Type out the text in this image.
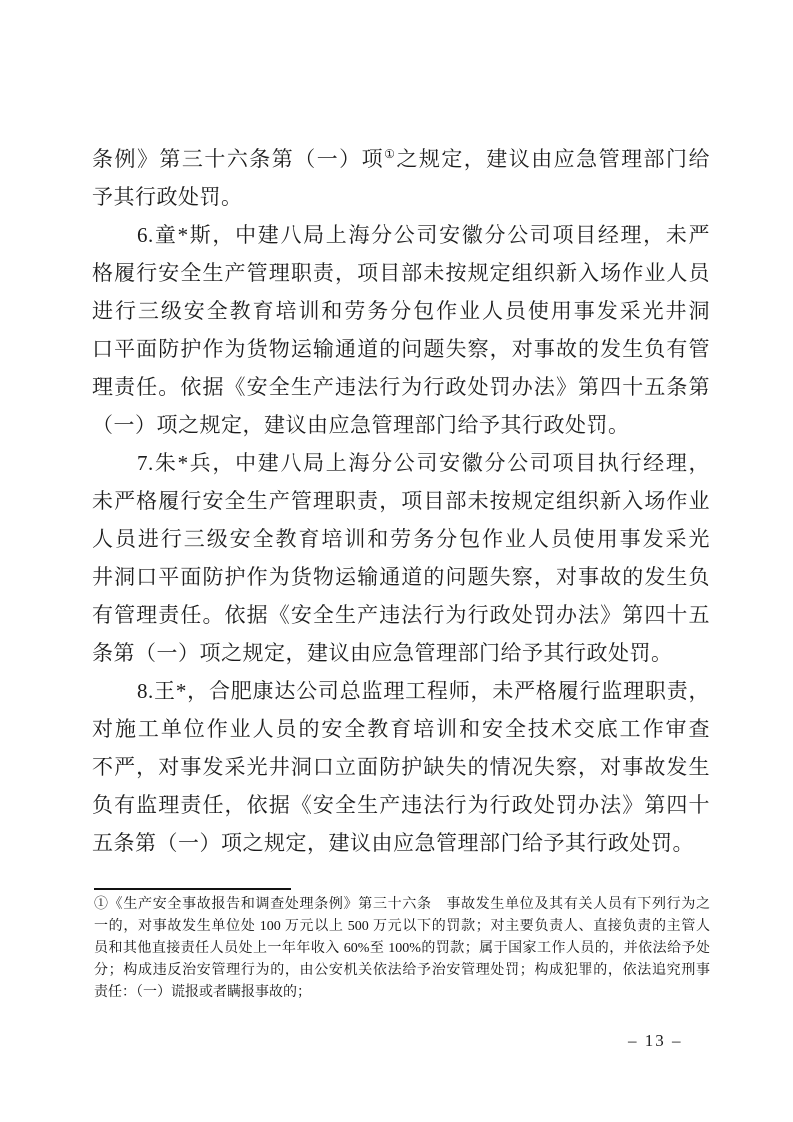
条例》第三十六条第（一）项①之规定，建议由应急管理部门给

予其行政处罚。

6.童*斯，中建八局上海分公司安徽分公司项目经理，未严

格履行安全生产管理职责，项目部未按规定组织新入场作业人员

进行三级安全教育培训和劳务分包作业人员使用事发采光井洞

口平面防护作为货物运输通道的问题失察，对事故的发生负有管

理责任。依据《安全生产违法行为行政处罚办法》第四十五条第

（一）项之规定，建议由应急管理部门给予其行政处罚。

7.朱*兵，中建八局上海分公司安徽分公司项目执行经理，

未严格履行安全生产管理职责，项目部未按规定组织新入场作业

人员进行三级安全教育培训和劳务分包作业人员使用事发采光

井洞口平面防护作为货物运输通道的问题失察，对事故的发生负

有管理责任。依据《安全生产违法行为行政处罚办法》第四十五

条第（一）项之规定，建议由应急管理部门给予其行政处罚。

8.王*，合肥康达公司总监理工程师，未严格履行监理职责，

对施工单位作业人员的安全教育培训和安全技术交底工作审查

不严，对事发采光井洞口立面防护缺失的情况失察，对事故发生

负有监理责任，依据《安全生产违法行为行政处罚办法》第四十

五条第（一）项之规定，建议由应急管理部门给予其行政处罚。

①《生产安全事故报告和调查处理条例》第三十六条　事故发生单位及其有关人员有下列行为之

一的，对事故发生单位处 100 万元以上 500 万元以下的罚款；对主要负责人、直接负责的主管人

员和其他直接责任人员处上一年年收入 60%至 100%的罚款；属于国家工作人员的，并依法给予处

分；构成违反治安管理行为的，由公安机关依法给予治安管理处罚；构成犯罪的，依法追究刑事

责任：（一）谎报或者瞒报事故的；

– 13 –
